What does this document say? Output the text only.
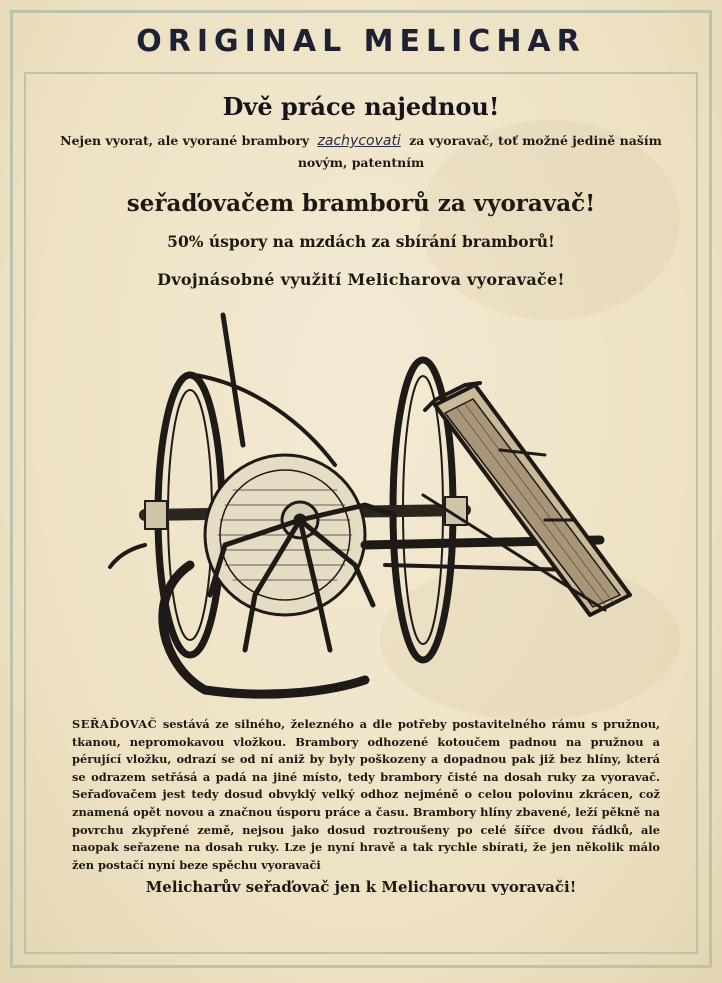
ORIGINAL MELICHAR
Dvě práce najednou!
Nejen vyorat, ale vyorané brambory zachycovati za vyoravač, toť možné jedině naším novým, patentním
seřaďovačem bramborů za vyoravač!
50% úspory na mzdách za sbírání bramborů!
Dvojnásobné využití Melicharova vyoravače!
SEŘAĎOVAČ sestává ze silného, železného a dle potřeby postavitelného rámu s pružnou, tkanou, nepromokavou vložkou. Brambory odhozené kotoučem padnou na pružnou a pérující vložku, odrazí se od ní aniž by byly poškozeny a dopadnou pak již bez hlíny, která se odrazem setřásá a padá na jiné místo, tedy brambory čisté na dosah ruky za vyoravač. Seřaďovačem jest tedy dosud obvyklý velký odhoz nejméně o celou polovinu zkrácen, což znamená opět novou a značnou úsporu práce a času. Brambory hlíny zbavené, leží pěkně na povrchu zkypřené země, nejsou jako dosud roztroušeny po celé šířce dvou řádků, ale naopak seřazene na dosah ruky. Lze je nyní hravě a tak rychle sbírati, že jen několik málo žen postačí nyní beze spěchu vyoravači
Melicharův seřaďovač jen k Melicharovu vyoravači!
